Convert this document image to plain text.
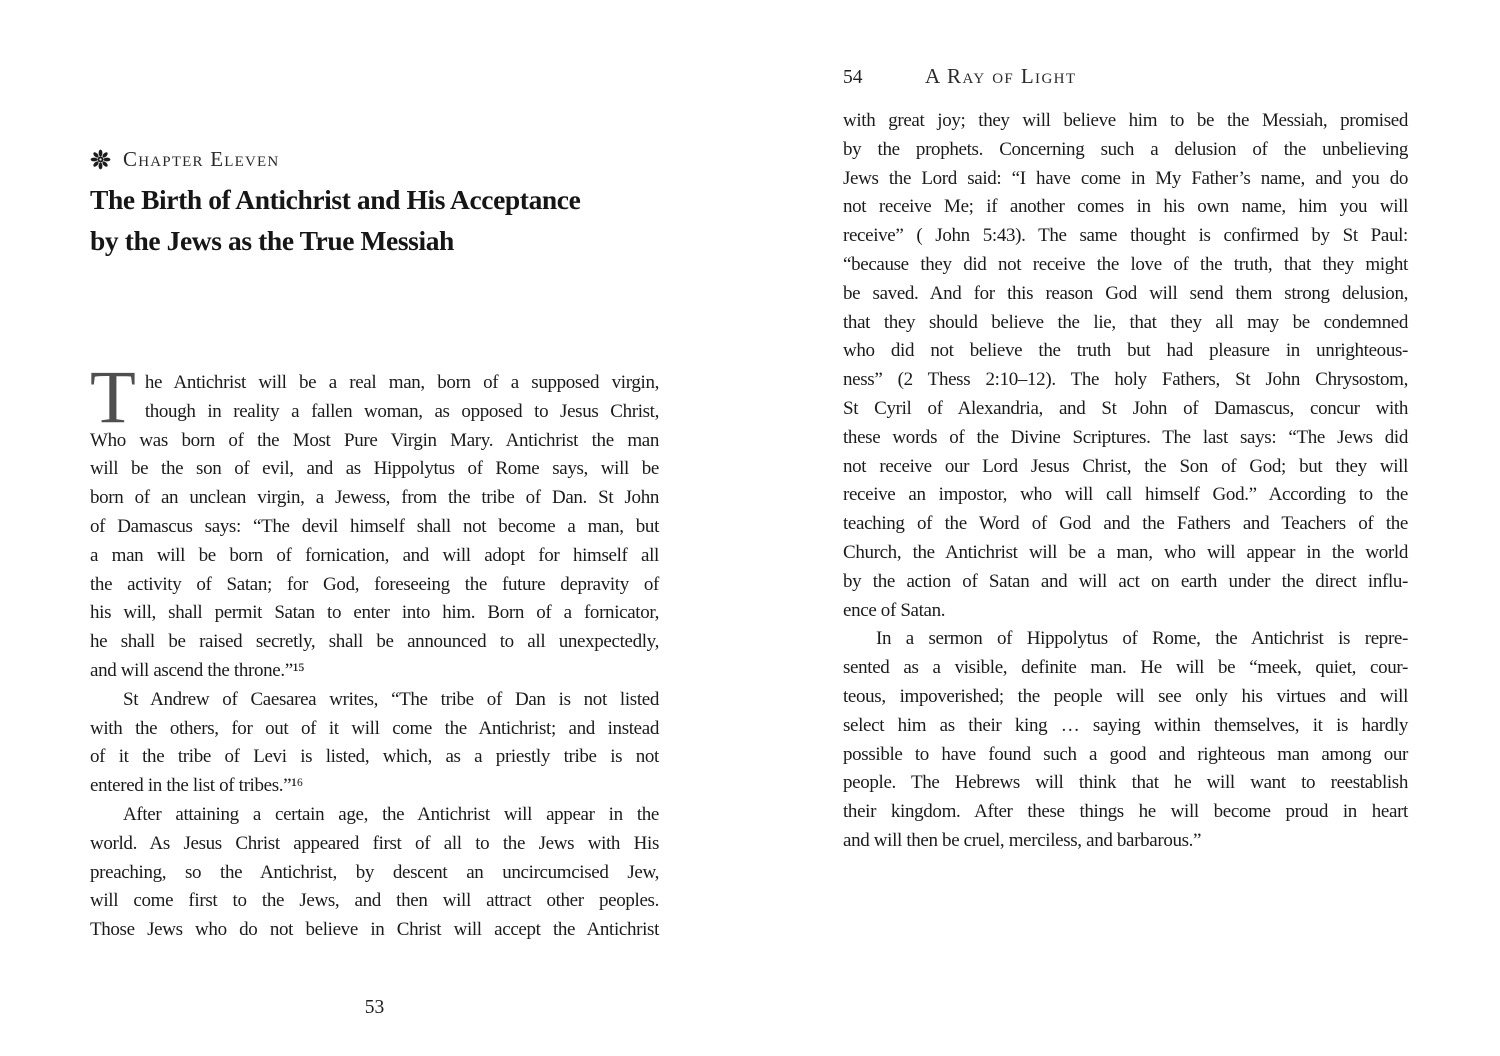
Chapter Eleven
The Birth of Antichrist and His Acceptance
by the Jews as the True Messiah
T he Antichrist will be a real man, born of a supposed virgin,
though in reality a fallen woman, as opposed to Jesus Christ,
Who was born of the Most Pure Virgin Mary. Antichrist the man
will be the son of evil, and as Hippolytus of Rome says, will be
born of an unclean virgin, a Jewess, from the tribe of Dan. St John
of Damascus says: “The devil himself shall not become a man, but
a man will be born of fornication, and will adopt for himself all
the activity of Satan; for God, foreseeing the future depravity of
his will, shall permit Satan to enter into him. Born of a fornicator,
he shall be raised secretly, shall be announced to all unexpectedly,
and will ascend the throne.”¹⁵
St Andrew of Caesarea writes, “The tribe of Dan is not listed
with the others, for out of it will come the Antichrist; and instead
of it the tribe of Levi is listed, which, as a priestly tribe is not
entered in the list of tribes.”¹⁶
After attaining a certain age, the Antichrist will appear in the
world. As Jesus Christ appeared first of all to the Jews with His
preaching, so the Antichrist, by descent an uncircumcised Jew,
will come first to the Jews, and then will attract other peoples.
Those Jews who do not believe in Christ will accept the Antichrist
53
54	A Ray of Light
with great joy; they will believe him to be the Messiah, promised
by the prophets. Concerning such a delusion of the unbelieving
Jews the Lord said: “I have come in My Father’s name, and you do
not receive Me; if another comes in his own name, him you will
receive” ( John 5:43). The same thought is confirmed by St Paul:
“because they did not receive the love of the truth, that they might
be saved. And for this reason God will send them strong delusion,
that they should believe the lie, that they all may be condemned
who did not believe the truth but had pleasure in unrighteous-
ness” (2 Thess 2:10–12). The holy Fathers, St John Chrysostom,
St Cyril of Alexandria, and St John of Damascus, concur with
these words of the Divine Scriptures. The last says: “The Jews did
not receive our Lord Jesus Christ, the Son of God; but they will
receive an impostor, who will call himself God.” According to the
teaching of the Word of God and the Fathers and Teachers of the
Church, the Antichrist will be a man, who will appear in the world
by the action of Satan and will act on earth under the direct influ-
ence of Satan.
In a sermon of Hippolytus of Rome, the Antichrist is repre-
sented as a visible, definite man. He will be “meek, quiet, cour-
teous, impoverished; the people will see only his virtues and will
select him as their king … saying within themselves, it is hardly
possible to have found such a good and righteous man among our
people. The Hebrews will think that he will want to reestablish
their kingdom. After these things he will become proud in heart
and will then be cruel, merciless, and barbarous.”
